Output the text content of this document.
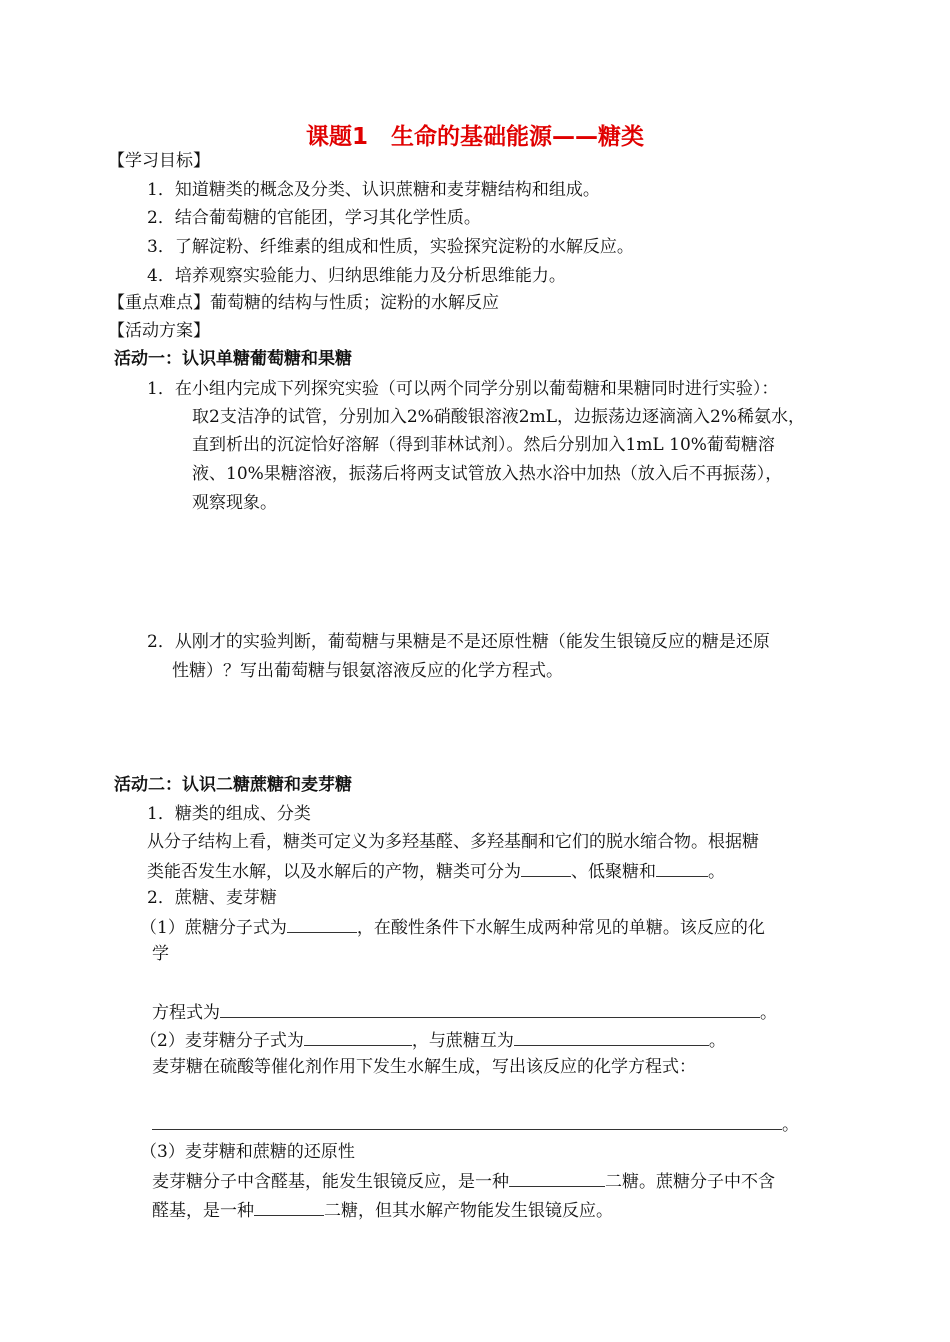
课题1　生命的基础能源——糖类
【学习目标】
1．知道糖类的概念及分类、认识蔗糖和麦芽糖结构和组成。
2．结合葡萄糖的官能团，学习其化学性质。
3．了解淀粉、纤维素的组成和性质，实验探究淀粉的水解反应。
4．培养观察实验能力、归纳思维能力及分析思维能力。
【重点难点】葡萄糖的结构与性质；淀粉的水解反应
【活动方案】
活动一：认识单糖葡萄糖和果糖
1．在小组内完成下列探究实验（可以两个同学分别以葡萄糖和果糖同时进行实验）：
取2支洁净的试管，分别加入2%硝酸银溶液2mL，边振荡边逐滴滴入2%稀氨水，
直到析出的沉淀恰好溶解（得到菲林试剂）。然后分别加入1mL 10%葡萄糖溶
液、10%果糖溶液，振荡后将两支试管放入热水浴中加热（放入后不再振荡），
观察现象。
2．从刚才的实验判断，葡萄糖与果糖是不是还原性糖（能发生银镜反应的糖是还原
性糖）？写出葡萄糖与银氨溶液反应的化学方程式。
活动二：认识二糖蔗糖和麦芽糖
1．糖类的组成、分类
从分子结构上看，糖类可定义为多羟基醛、多羟基酮和它们的脱水缩合物。根据糖
类能否发生水解，以及水解后的产物，糖类可分为	、低聚糖和	。
2．蔗糖、麦芽糖
（1）蔗糖分子式为	，在酸性条件下水解生成两种常见的单糖。该反应的化
学
方程式为	。
（2）麦芽糖分子式为	，与蔗糖互为	。
麦芽糖在硫酸等催化剂作用下发生水解生成，写出该反应的化学方程式：
。
（3）麦芽糖和蔗糖的还原性
麦芽糖分子中含醛基，能发生银镜反应，是一种	二糖。蔗糖分子中不含
醛基，是一种	二糖，但其水解产物能发生银镜反应。
